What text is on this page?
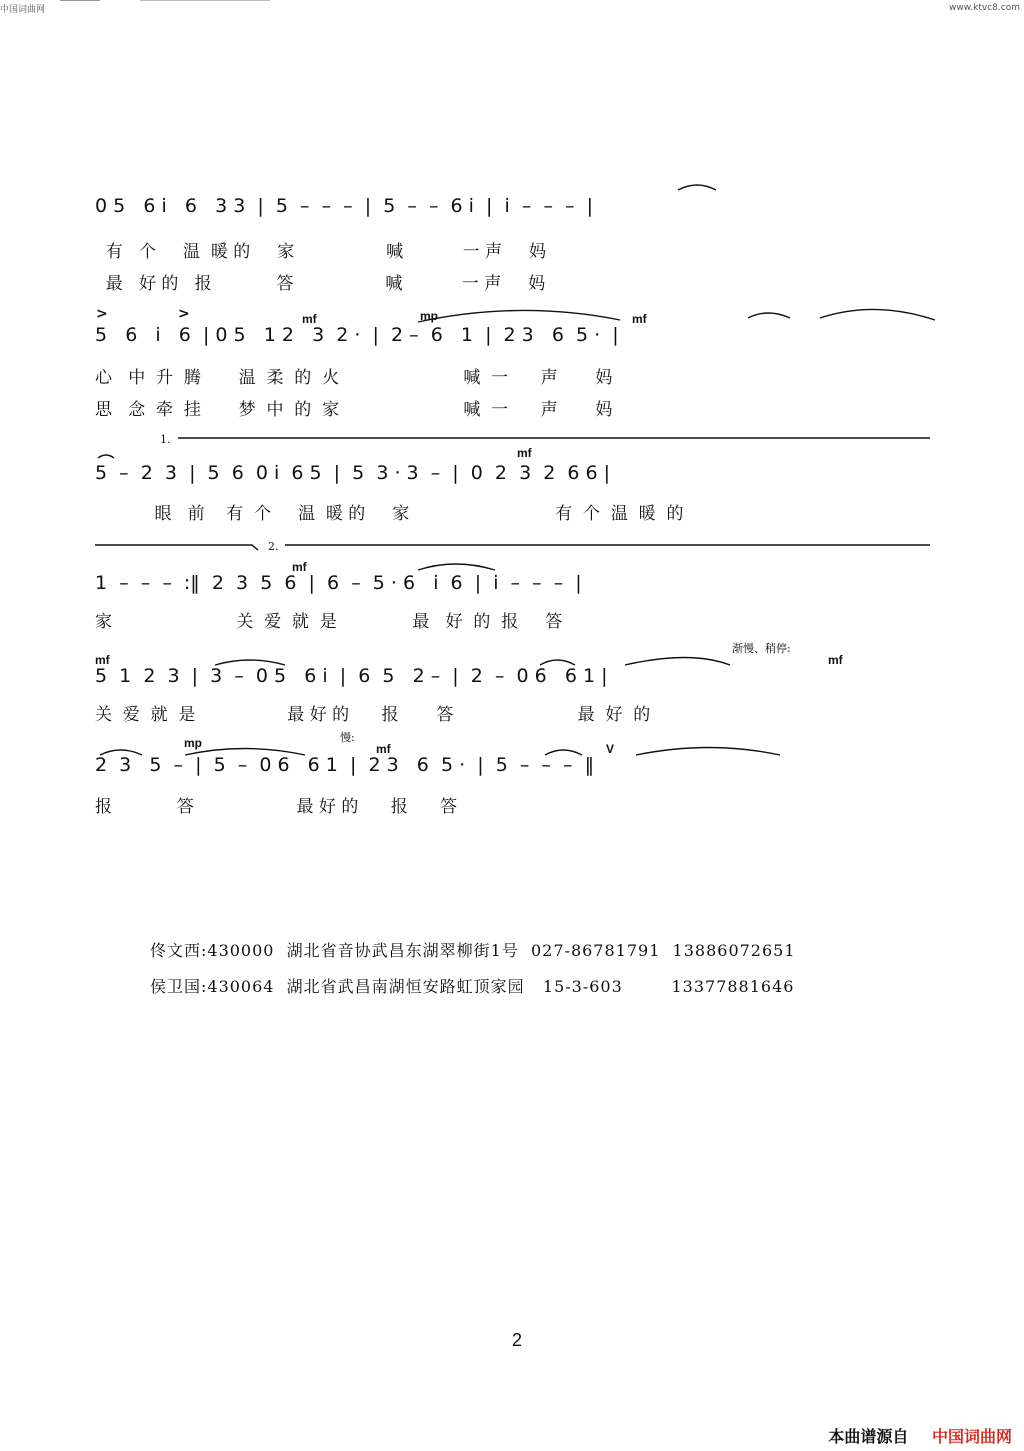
中国词曲网	www.ktvc8.com
0 5   6 i̇   6   3 3  |  5  –  –  –  |  5  –  –  6 i̇  |  i̇  –  –  –  |
有   个     温  暖 的     家                 喊           一 声     妈
最   好 的   报            答                 喊           一 声     妈
>	>	mf	mp	mf
5   6   i̇   6  | 0 5   1 2   3  2 ·  |  2 –  6   1  |  2 3   6  5 ·  |
心   中  升  腾       温  柔  的  火                       喊  一      声       妈
思   念  牵  挂       梦  中  的  家                       喊  一      声       妈
1.
mf
5  –  2  3  |  5  6  0 i̇  6 5  |  5  3 · 3  –  |  0  2  3  2  6 6 |
眼   前    有  个     温  暖 的     家                           有  个  温  暖  的
2.
mf
1  –  –  –  :‖  2  3  5  6  |  6  –  5 · 6   i̇  6  |  i̇  –  –  –  |
家                       关  爱  就  是              最   好  的  报     答
mf
渐慢、稍停:
mf
5  1  2  3  |  3  –  0 5   6 i̇  |  6  5   2 –  |  2  –  0 6   6 1 |
关  爱  就  是                 最 好 的      报       答                       最  好  的
mp	慢:
mf	V
2  3   5  –  |  5  –  0 6   6 1  |  2 3   6  5 ·  |  5  –  –  –  ‖
报            答                   最 好 的      报      答
佟文西:430000  湖北省音协武昌东湖翠柳街1号  027-86781791  13886072651
侯卫国:430064  湖北省武昌南湖恒安路虹顶家园   15-3-603        13377881646
2
本曲谱源自 中国词曲网
